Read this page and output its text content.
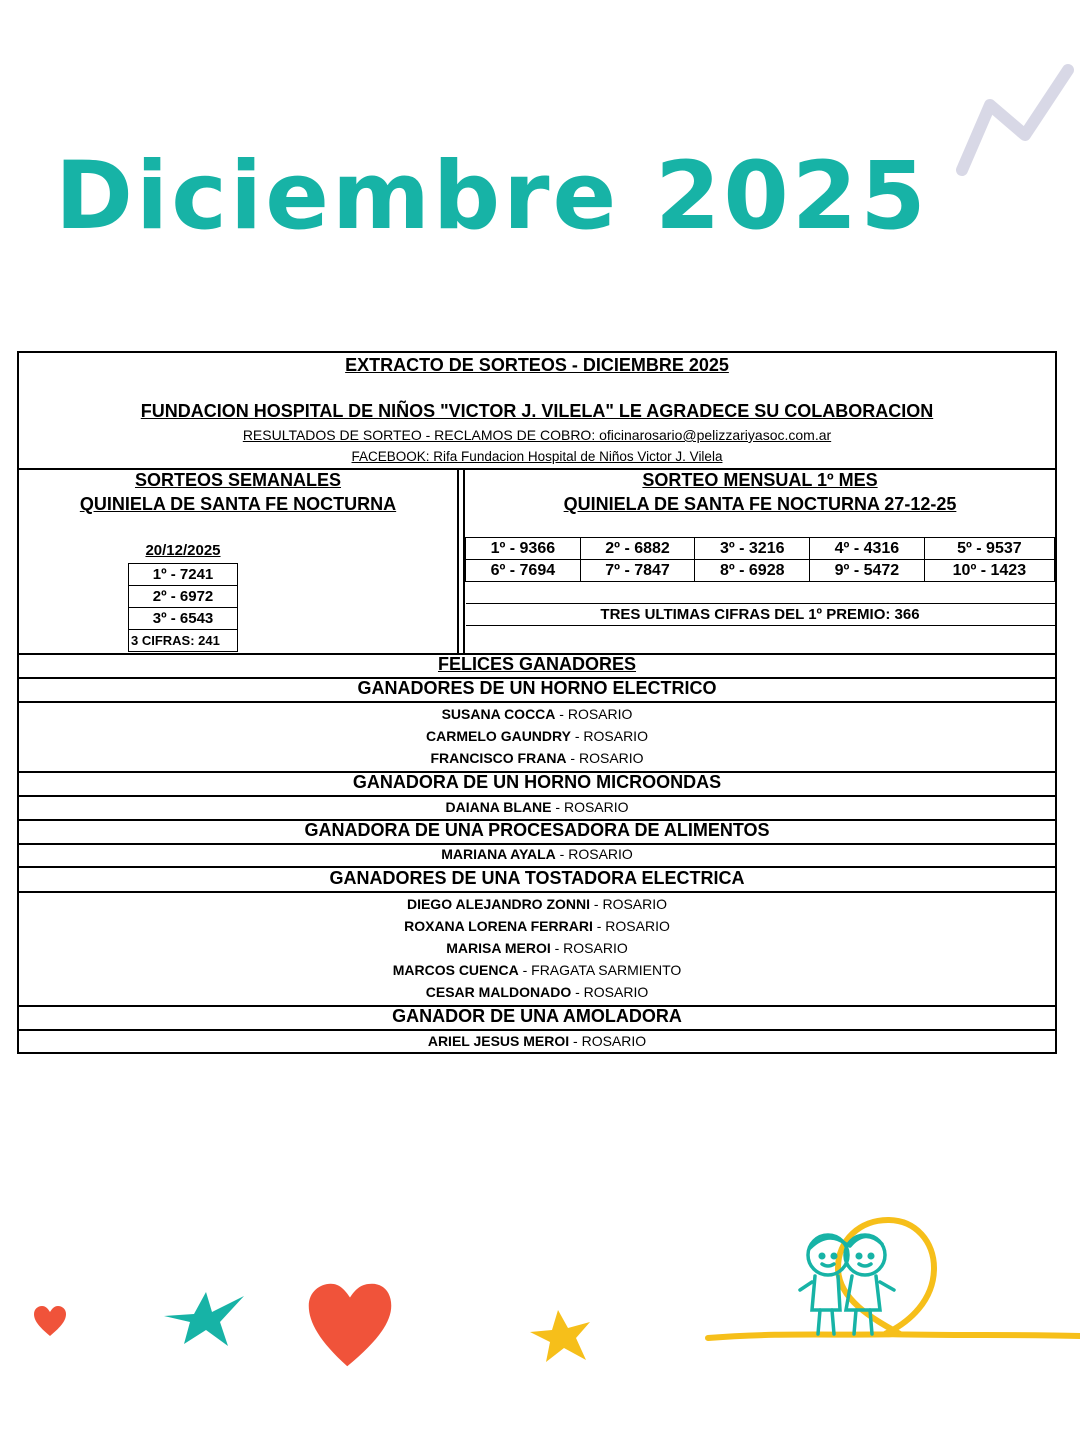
Diciembre 2025
EXTRACTO DE SORTEOS - DICIEMBRE 2025
FUNDACION HOSPITAL DE NIÑOS "VICTOR J. VILELA" LE AGRADECE SU COLABORACION
RESULTADOS DE SORTEO - RECLAMOS DE COBRO: oficinarosario@pelizzariyasoc.com.ar
FACEBOOK: Rifa Fundacion Hospital de Niños Victor J. Vilela
SORTEOS SEMANALES
QUINIELA DE SANTA FE NOCTURNA
20/12/2025
1º - 7241
2º - 6972
3º - 6543
3 CIFRAS: 241
SORTEO MENSUAL 1º MES
QUINIELA DE SANTA FE NOCTURNA 27-12-25
1º - 9366	2º - 6882	3º - 3216	4º - 4316	5º - 9537
6º - 7694	7º - 7847	8º - 6928	9º - 5472	10º - 1423

TRES ULTIMAS CIFRAS DEL 1º PREMIO: 366				
FELICES GANADORES
GANADORES DE UN HORNO ELECTRICO
SUSANA COCCA - ROSARIO
CARMELO GAUNDRY - ROSARIO
FRANCISCO FRANA - ROSARIO
GANADORA DE UN HORNO MICROONDAS
DAIANA BLANE - ROSARIO
GANADORA DE UNA PROCESADORA DE ALIMENTOS
MARIANA AYALA - ROSARIO
GANADORES DE UNA TOSTADORA ELECTRICA
DIEGO ALEJANDRO ZONNI - ROSARIO
ROXANA LORENA FERRARI - ROSARIO
MARISA MEROI - ROSARIO
MARCOS CUENCA - FRAGATA SARMIENTO
CESAR MALDONADO - ROSARIO
GANADOR DE UNA AMOLADORA
ARIEL JESUS MEROI - ROSARIO
